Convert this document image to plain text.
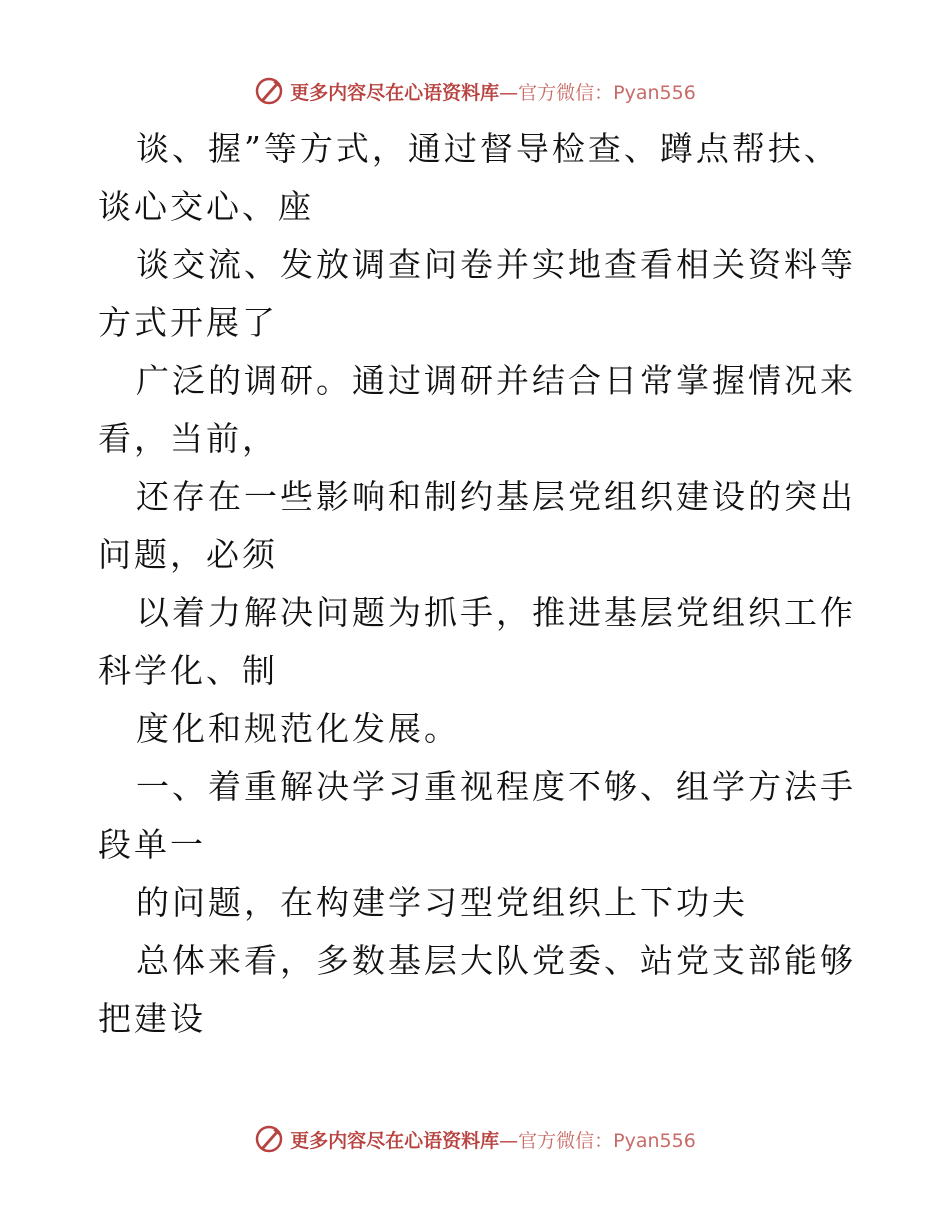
更多内容尽在心语资料库—官方微信：Pyan556

谈、握”等方式，通过督导检查、蹲点帮扶、谈心交心、座

谈交流、发放调查问卷并实地查看相关资料等方式开展了

广泛的调研。通过调研并结合日常掌握情况来看，当前，

还存在一些影响和制约基层党组织建设的突出问题，必须

以着力解决问题为抓手，推进基层党组织工作科学化、制

度化和规范化发展。

一、着重解决学习重视程度不够、组学方法手段单一

的问题，在构建学习型党组织上下功夫

总体来看，多数基层大队党委、站党支部能够把建设

更多内容尽在心语资料库—官方微信：Pyan556
